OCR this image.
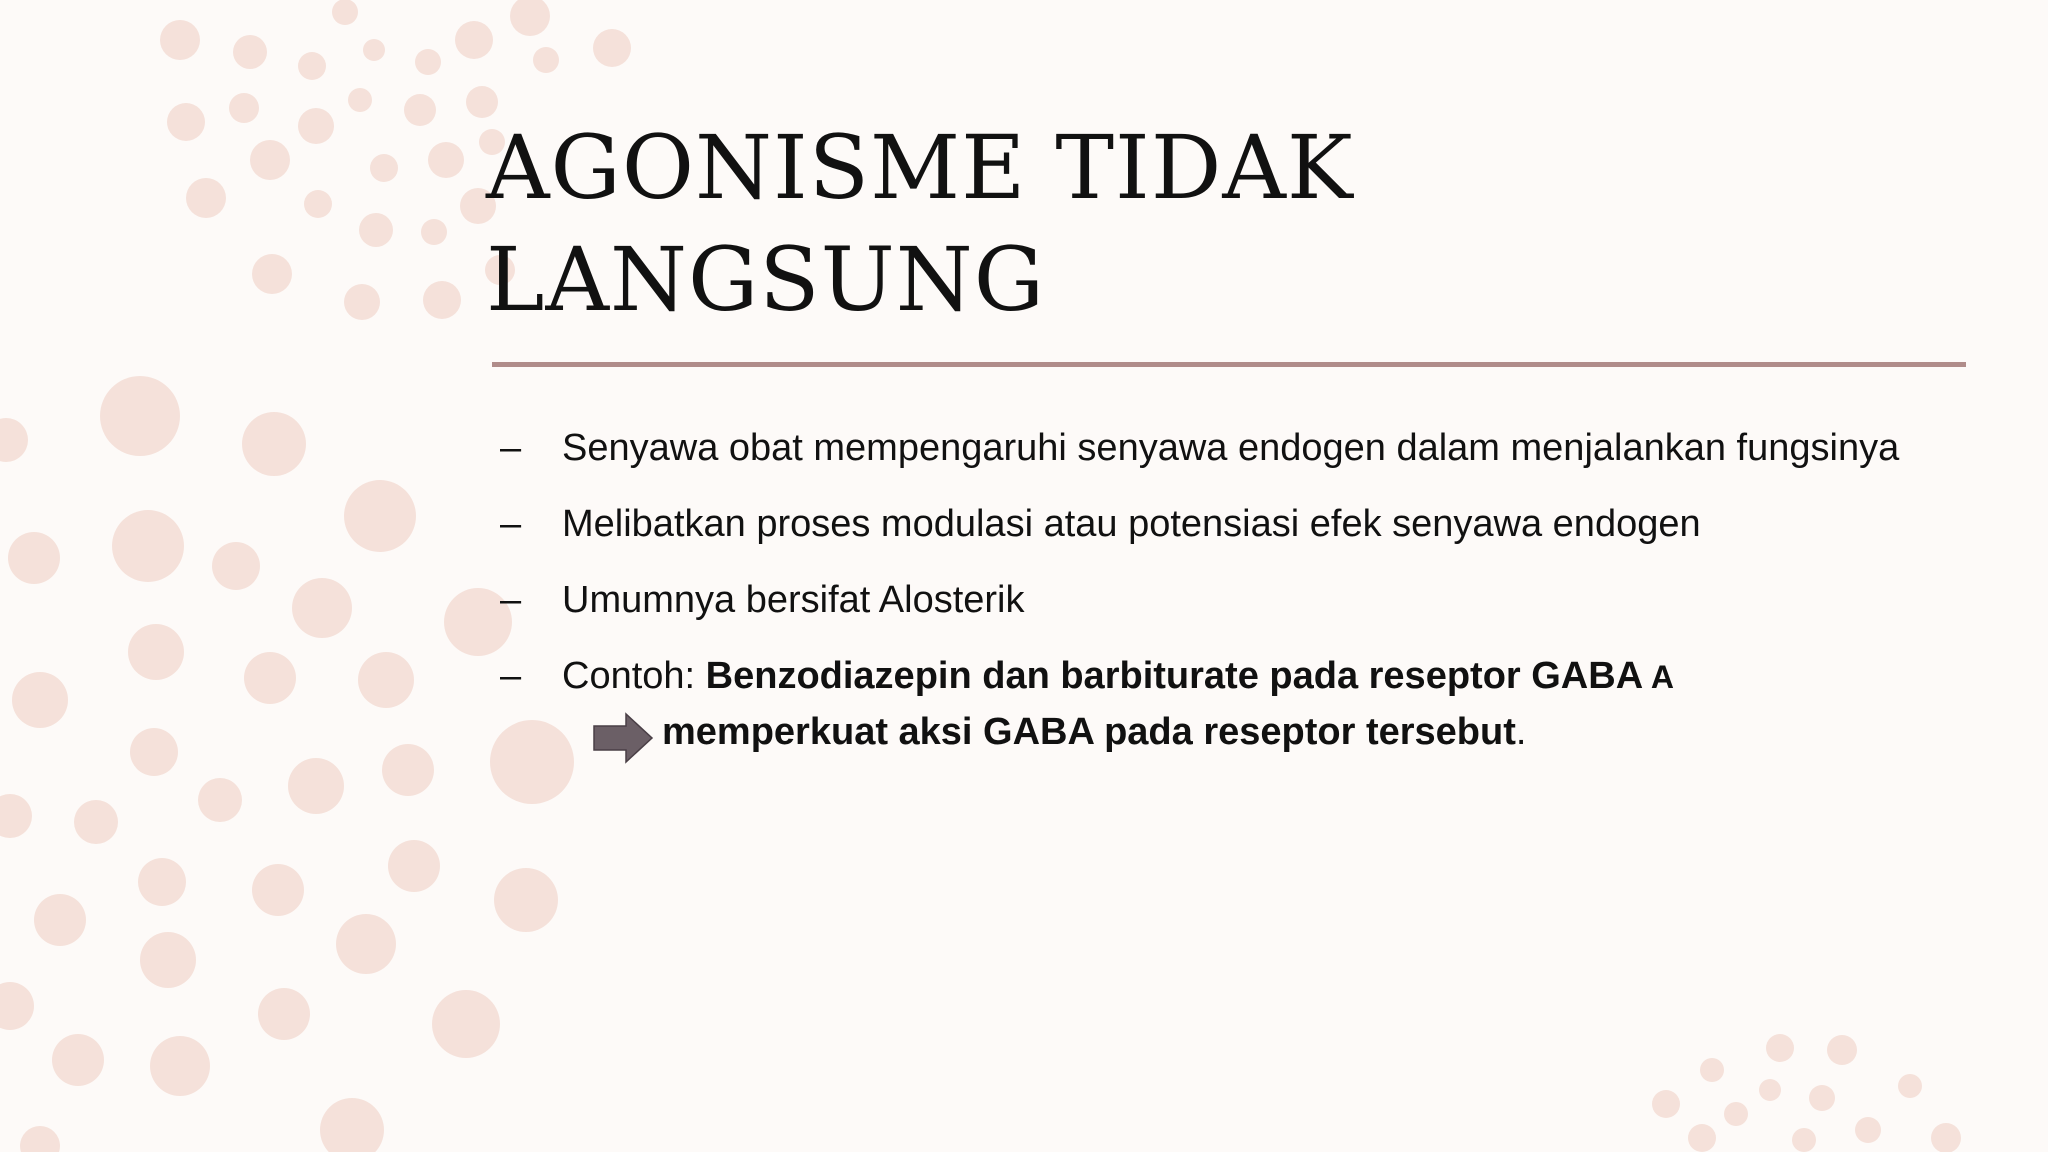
AGONISME TIDAK
LANGSUNG
–	Senyawa obat mempengaruhi senyawa endogen dalam menjalankan fungsinya
–	Melibatkan proses modulasi atau potensiasi efek senyawa endogen
–	Umumnya bersifat Alosterik
–	Contoh: Benzodiazepin dan barbiturate pada reseptor GABA A
memperkuat aksi GABA pada reseptor tersebut.
